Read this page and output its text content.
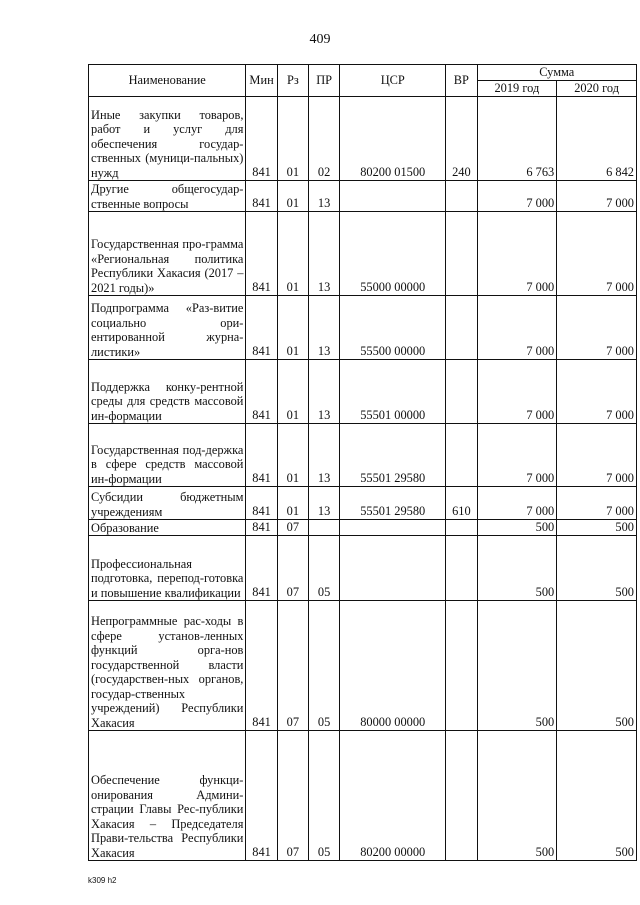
409
Наименование	Мин	Рз	ПР	ЦСР	ВР	Сумма	
						2019 год	2020 год
Иные закупки товаров, работ и услуг для обеспечения государ-ственных (муници-пальных) нужд	841	01	02	80200 01500	240	6 763	6 842
Другие общегосудар-ственные вопросы	841	01	13			7 000	7 000
Государственная про-грамма «Региональная политика Республики Хакасия (2017 – 2021 годы)»	841	01	13	55000 00000		7 000	7 000
Подпрограмма «Раз-витие социально ори-ентированной журна-листики»	841	01	13	55500 00000		7 000	7 000
Поддержка конку-рентной среды для средств массовой ин-формации	841	01	13	55501 00000		7 000	7 000
Государственная под-держка в сфере средств массовой ин-формации	841	01	13	55501 29580		7 000	7 000
Субсидии бюджетным учреждениям	841	01	13	55501 29580	610	7 000	7 000
Образование	841	07				500	500
Профессиональная подготовка, перепод-готовка и повышение квалификации	841	07	05			500	500
Непрограммные рас-ходы в сфере установ-ленных функций орга-нов государственной власти (государствен-ных органов, государ-ственных учреждений) Республики Хакасия	841	07	05	80000 00000		500	500
Обеспечение функци-онирования Админи-страции Главы Рес-публики Хакасия – Председателя Прави-тельства Республики Хакасия	841	07	05	80200 00000		500	500
k309 h2
